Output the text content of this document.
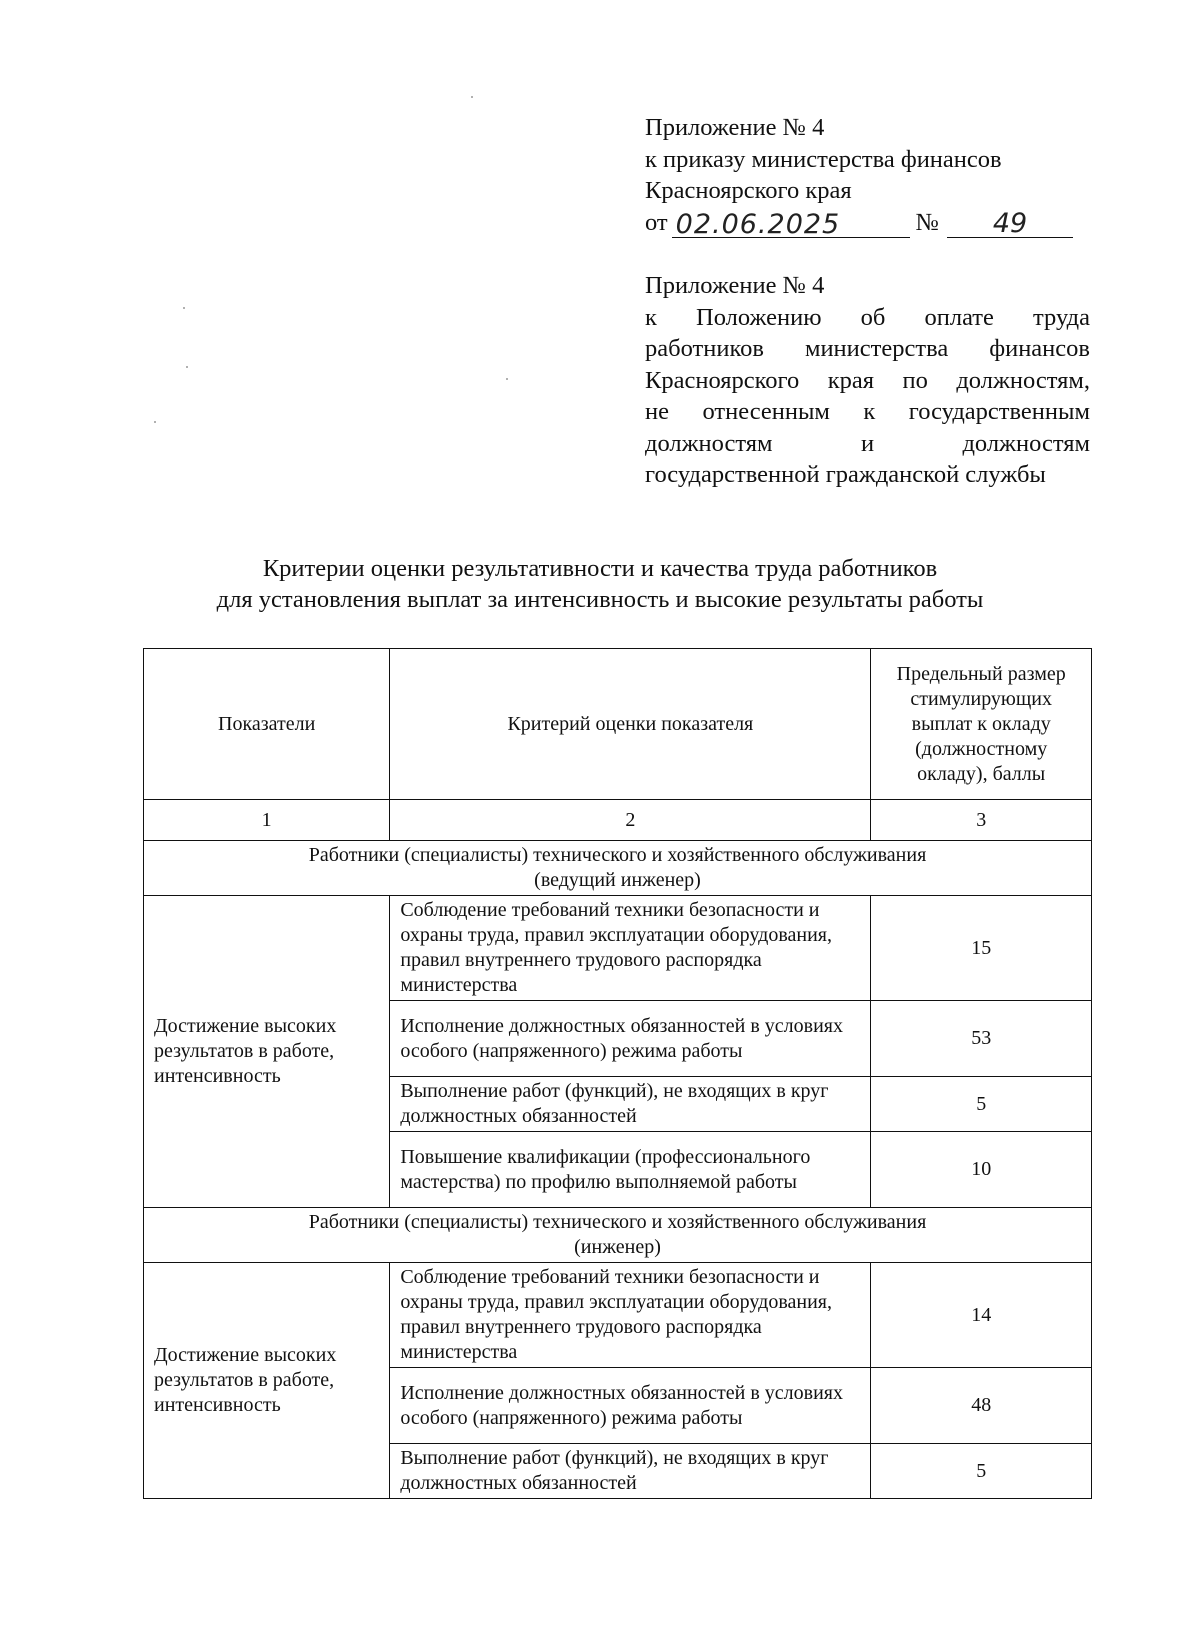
Приложение № 4
к приказу министерства финансов
Красноярского края
от 02.06.2025	№	49
Приложение № 4
к Положению об оплате труда
работников министерства финансов
Красноярского края по должностям,
не отнесенным к государственным
должностям и должностям
государственной гражданской службы
Критерии оценки результативности и качества труда работников
для установления выплат за интенсивность и высокие результаты работы
Показатели	Критерий оценки показателя	Предельный размер стимулирующих выплат к окладу (должностному окладу), баллы
1	2	3

Работники (специалисты) технического и хозяйственного обслуживания
(ведущий инженер)		

Достижение высоких результатов в работе, интенсивность	Соблюдение требований техники безопасности и охраны труда, правил эксплуатации оборудования, правил внутреннего трудового распорядка министерства	15
	Исполнение должностных обязанностей в условиях особого (напряженного) режима работы	53
	Выполнение работ (функций), не входящих в круг должностных обязанностей	5
	Повышение квалификации (профессионального мастерства) по профилю выполняемой работы	10

Работники (специалисты) технического и хозяйственного обслуживания
(инженер)		

Достижение высоких результатов в работе, интенсивность	Соблюдение требований техники безопасности и охраны труда, правил эксплуатации оборудования, правил внутреннего трудового распорядка министерства	14
	Исполнение должностных обязанностей в условиях особого (напряженного) режима работы	48
	Выполнение работ (функций), не входящих в круг должностных обязанностей	5
